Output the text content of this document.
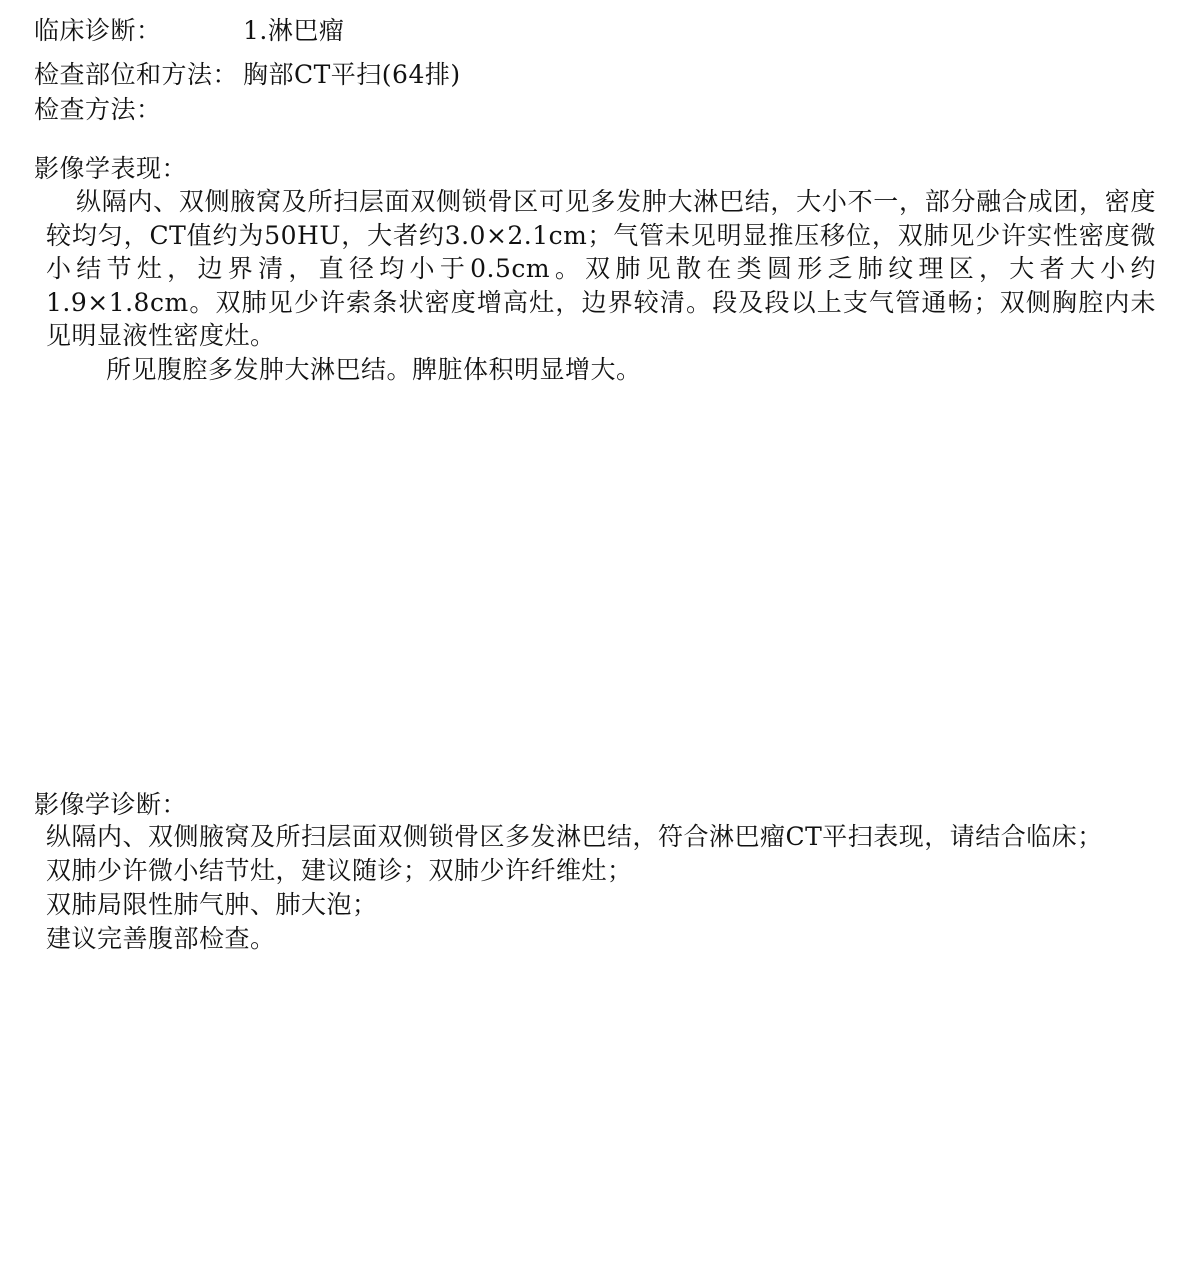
临床诊断：	1.淋巴瘤
检查部位和方法： 胸部CT平扫(64排)
检查方法：
影像学表现：

纵隔内、双侧腋窝及所扫层面双侧锁骨区可见多发肿大淋巴结，大小不一，部分融合成团，密度较均匀，CT值约为50HU，大者约3.0×2.1cm；气管未见明显推压移位，双肺见少许实性密度微小结节灶，边界清，直径均小于0.5cm。双肺见散在类圆形乏肺纹理区，大者大小约1.9×1.8cm。双肺见少许索条状密度增高灶，边界较清。段及段以上支气管通畅；双侧胸腔内未见明显液性密度灶。

所见腹腔多发肿大淋巴结。脾脏体积明显增大。

影像学诊断：

纵隔内、双侧腋窝及所扫层面双侧锁骨区多发淋巴结，符合淋巴瘤CT平扫表现，请结合临床；

双肺少许微小结节灶，建议随诊；双肺少许纤维灶；

双肺局限性肺气肿、肺大泡；

建议完善腹部检查。
